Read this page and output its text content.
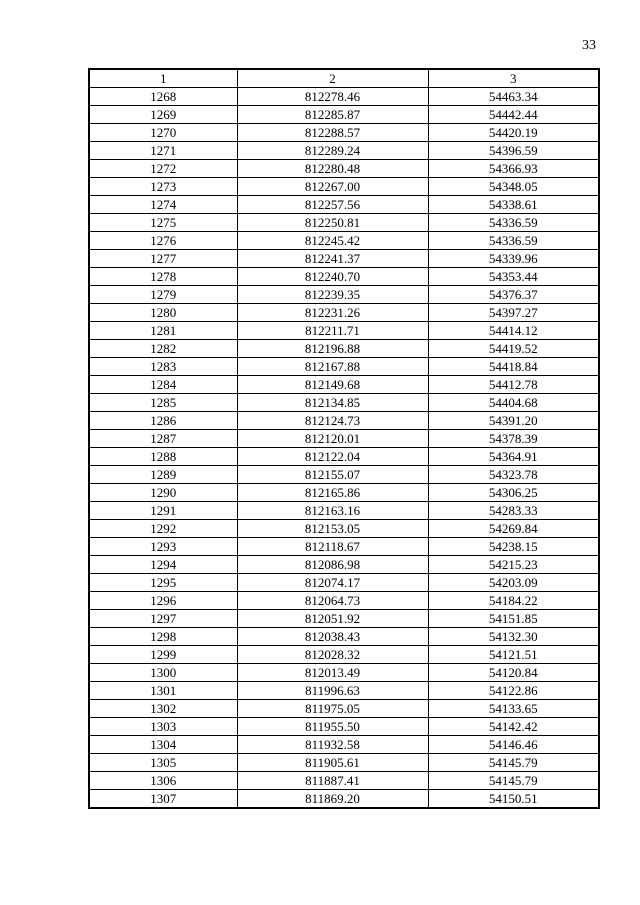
33
1	2	3
1268	812278.46	54463.34
1269	812285.87	54442.44
1270	812288.57	54420.19
1271	812289.24	54396.59
1272	812280.48	54366.93
1273	812267.00	54348.05
1274	812257.56	54338.61
1275	812250.81	54336.59
1276	812245.42	54336.59
1277	812241.37	54339.96
1278	812240.70	54353.44
1279	812239.35	54376.37
1280	812231.26	54397.27
1281	812211.71	54414.12
1282	812196.88	54419.52
1283	812167.88	54418.84
1284	812149.68	54412.78
1285	812134.85	54404.68
1286	812124.73	54391.20
1287	812120.01	54378.39
1288	812122.04	54364.91
1289	812155.07	54323.78
1290	812165.86	54306.25
1291	812163.16	54283.33
1292	812153.05	54269.84
1293	812118.67	54238.15
1294	812086.98	54215.23
1295	812074.17	54203.09
1296	812064.73	54184.22
1297	812051.92	54151.85
1298	812038.43	54132.30
1299	812028.32	54121.51
1300	812013.49	54120.84
1301	811996.63	54122.86
1302	811975.05	54133.65
1303	811955.50	54142.42
1304	811932.58	54146.46
1305	811905.61	54145.79
1306	811887.41	54145.79
1307	811869.20	54150.51
